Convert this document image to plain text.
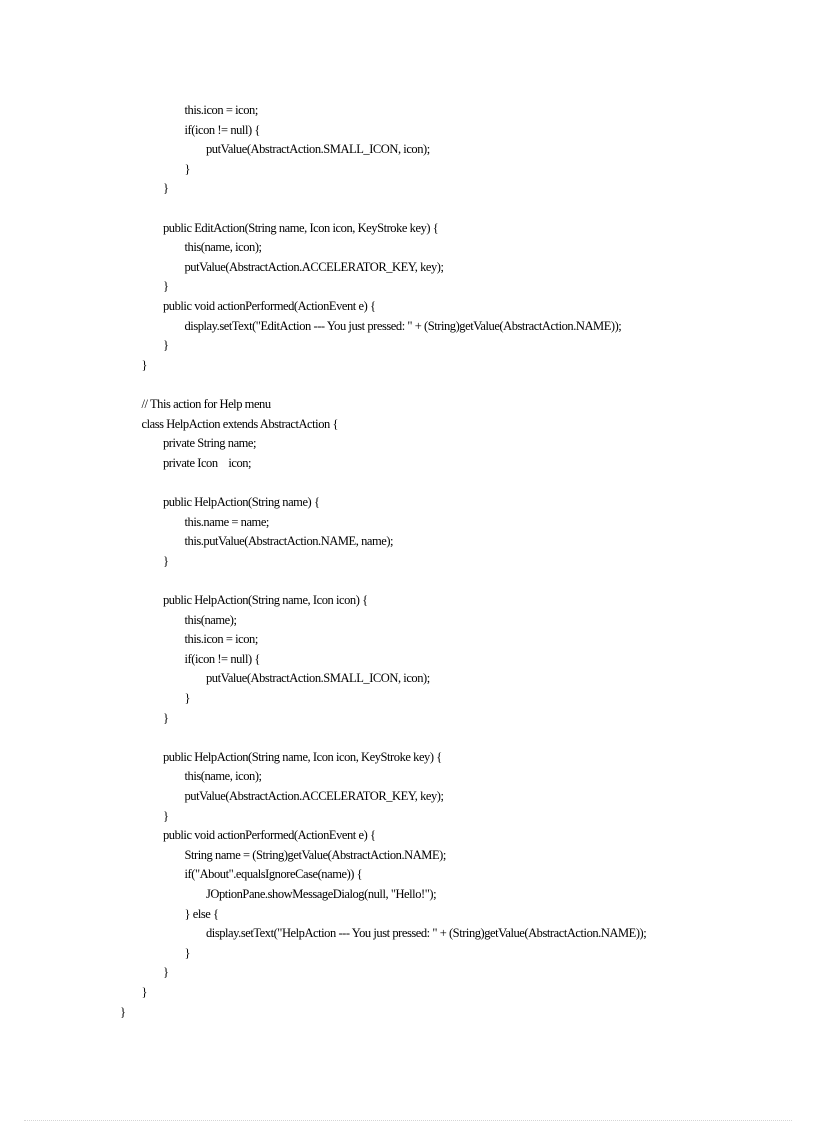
this.icon = icon;
if(icon != null) {
putValue(AbstractAction.SMALL_ICON, icon);
}
}
public EditAction(String name, Icon icon, KeyStroke key) {
this(name, icon);
putValue(AbstractAction.ACCELERATOR_KEY, key);
}
public void actionPerformed(ActionEvent e) {
display.setText("EditAction --- You just pressed: " + (String)getValue(AbstractAction.NAME));
}
}
// This action for Help menu
class HelpAction extends AbstractAction {
private String name;
private Icon    icon;
public HelpAction(String name) {
this.name = name;
this.putValue(AbstractAction.NAME, name);
}
public HelpAction(String name, Icon icon) {
this(name);
this.icon = icon;
if(icon != null) {
putValue(AbstractAction.SMALL_ICON, icon);
}
}
public HelpAction(String name, Icon icon, KeyStroke key) {
this(name, icon);
putValue(AbstractAction.ACCELERATOR_KEY, key);
}
public void actionPerformed(ActionEvent e) {
String name = (String)getValue(AbstractAction.NAME);
if("About".equalsIgnoreCase(name)) {
JOptionPane.showMessageDialog(null, "Hello!");
} else {
display.setText("HelpAction --- You just pressed: " + (String)getValue(AbstractAction.NAME));
}
}
}
}
